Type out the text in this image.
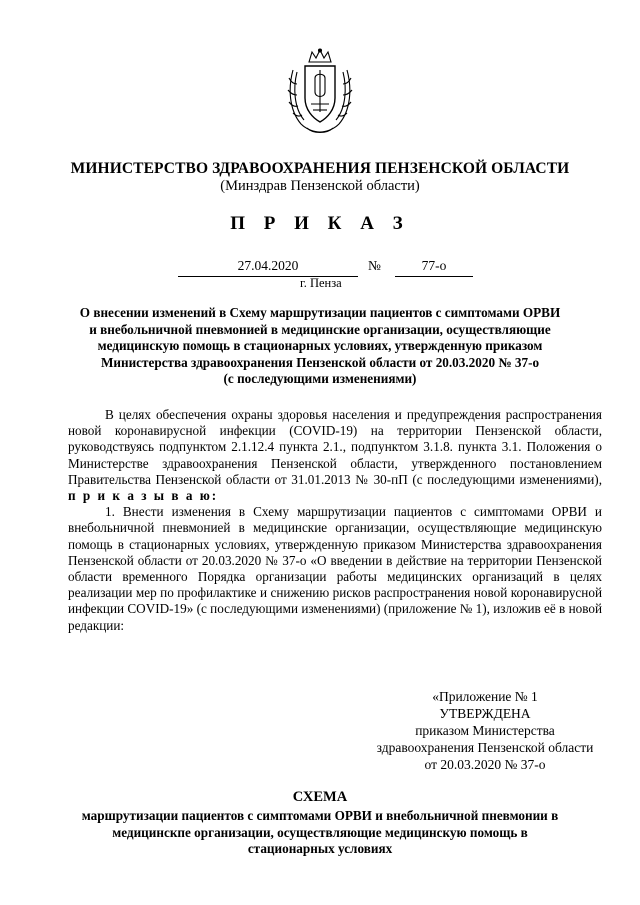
МИНИСТЕРСТВО ЗДРАВООХРАНЕНИЯ ПЕНЗЕНСКОЙ ОБЛАСТИ
(Минздрав Пензенской области)
П Р И К А З
27.04.2020	№	77-о
г. Пенза
О внесении изменений в Схему маршрутизации пациентов с симптомами ОРВИ
и внебольничной пневмонией в медицинские организации, осуществляющие
медицинскую помощь в стационарных условиях, утвержденную приказом
Министерства здравоохранения Пензенской области от 20.03.2020 № 37-о
(с последующими изменениями)

В целях обеспечения охраны здоровья населения и предупреждения распространения новой коронавирусной инфекции (COVID-19) на территории Пензенской области, руководствуясь подпунктом 2.1.12.4 пункта 2.1., подпунктом 3.1.8. пункта 3.1. Положения о Министерстве здравоохранения Пензенской области, утвержденного постановлением Правительства Пензенской области от 31.01.2013 № 30-пП (с последующими изменениями), п р и к а з ы в а ю:

1. Внести изменения в Схему маршрутизации пациентов с симптомами ОРВИ и внебольничной пневмонией в медицинские организации, осуществляющие медицинскую помощь в стационарных условиях, утвержденную приказом Министерства здравоохранения Пензенской области от 20.03.2020 № 37-о «О введении в действие на территории Пензенской области временного Порядка организации работы медицинских организаций в целях реализации мер по профилактике и снижению рисков распространения новой коронавирусной инфекции COVID-19» (с последующими изменениями) (приложение № 1), изложив её в новой редакции:

«Приложение № 1
УТВЕРЖДЕНА
приказом Министерства
здравоохранения Пензенской области
от 20.03.2020 № 37-о
СХЕМА
маршрутизации пациентов с симптомами ОРВИ и внебольничной пневмонии в
медицинскпе организации, осуществляющие медицинскую помощь в
стационарных условиях
